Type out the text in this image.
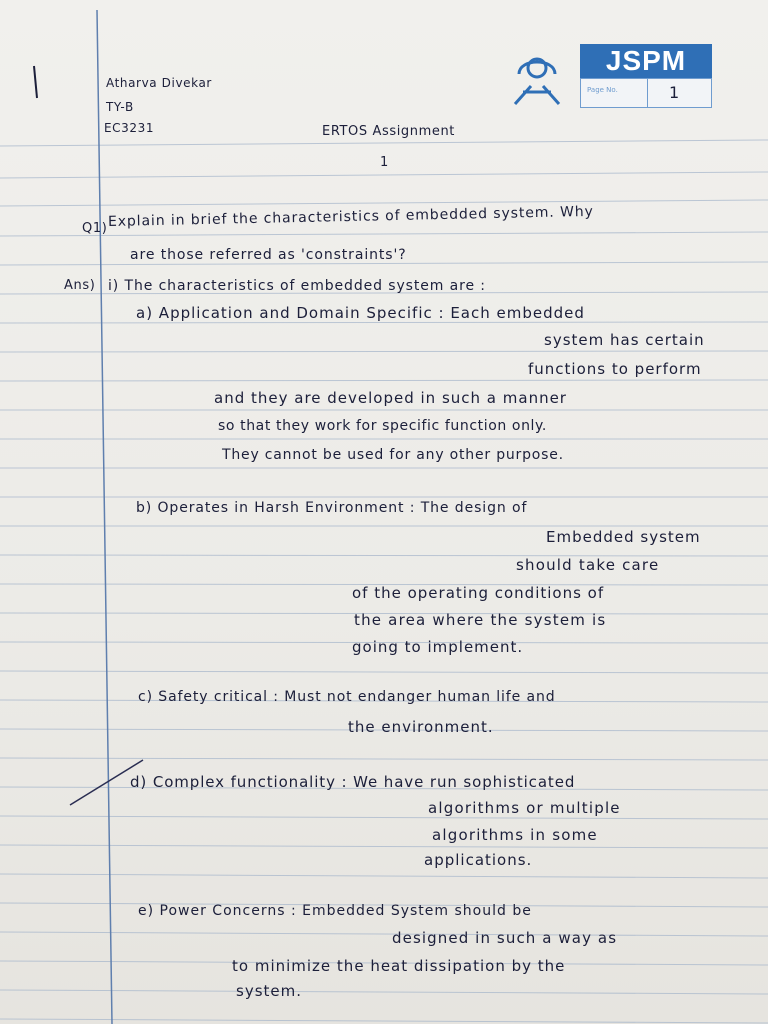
JSPM
Page No.	1
Atharva Divekar
TY-B
EC3231	ERTOS Assignment
1
Q1) Explain in brief the characteristics of embedded system. Why
are those referred as 'constraints'?
Ans) i) The characteristics of embedded system are :
a) Application and Domain Specific : Each embedded
system has certain
functions to perform
and they are developed in such a manner
so that they work for specific function only.
They cannot be used for any other purpose.
b) Operates in Harsh Environment : The design of
Embedded system
should take care
of the operating conditions of
the area where the system is
going to implement.
c) Safety critical : Must not endanger human life and
the environment.
d) Complex functionality : We have run sophisticated
algorithms or multiple
algorithms in some
applications.
e) Power Concerns : Embedded System should be
designed in such a way as
to minimize the heat dissipation by the
system.
